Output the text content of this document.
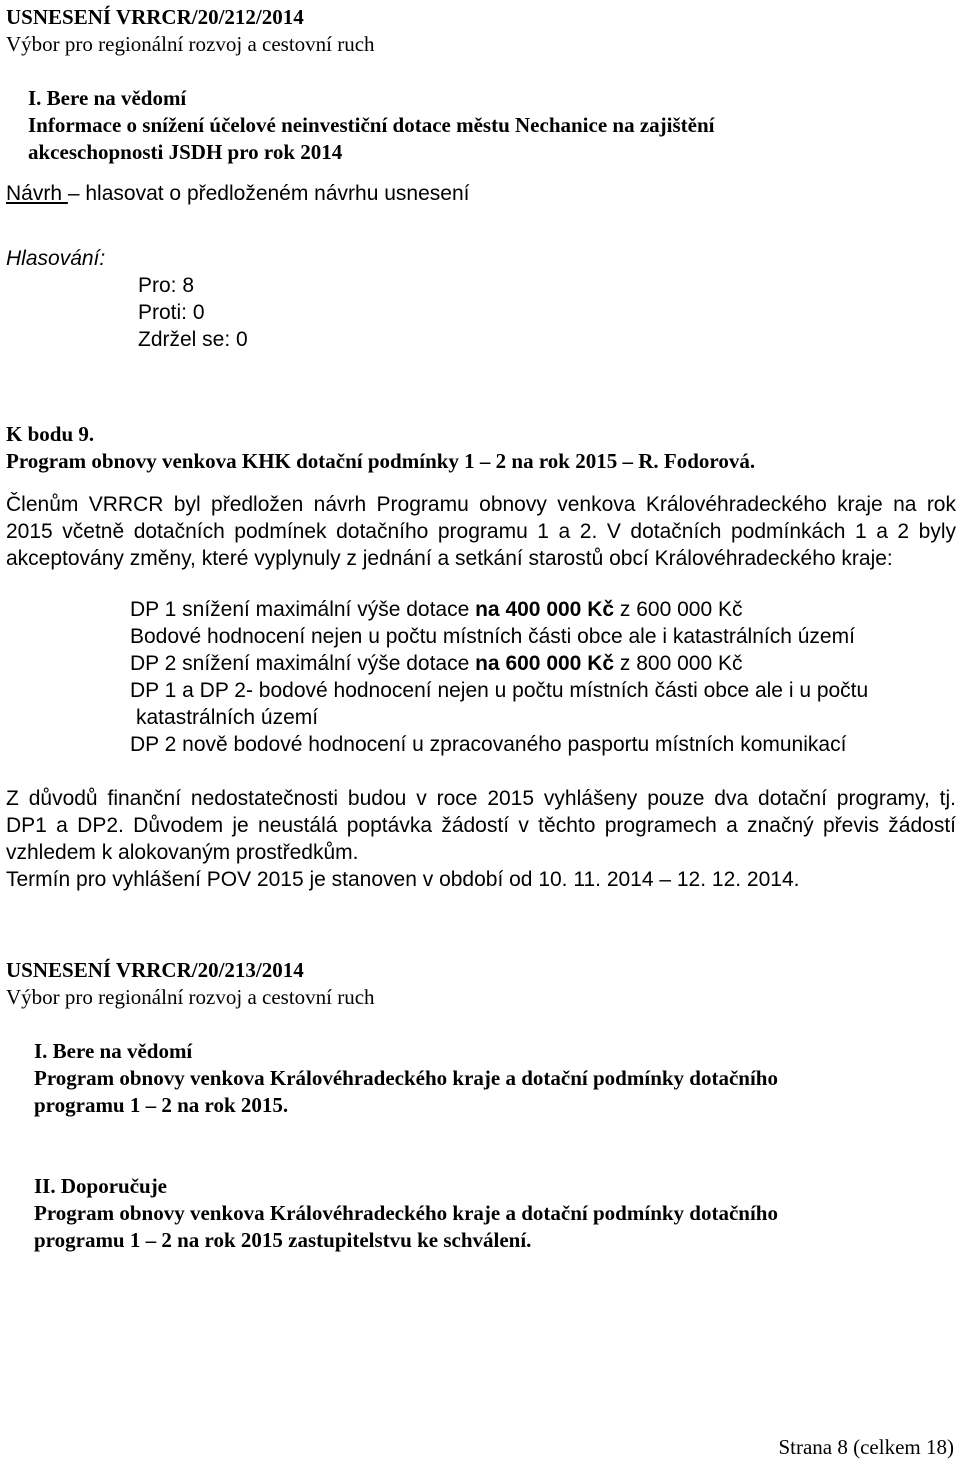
USNESENÍ VRRCR/20/212/2014
Výbor pro regionální rozvoj a cestovní ruch
I. Bere na vědomí
Informace o snížení účelové neinvestiční dotace městu Nechanice na zajištění
akceschopnosti JSDH pro rok 2014
Návrh – hlasovat o předloženém návrhu usnesení
Hlasování:
Pro: 8
Proti: 0
Zdržel se: 0
K bodu 9.
Program obnovy venkova KHK dotační podmínky 1 – 2 na rok 2015 – R. Fodorová.
Členům VRRCR byl předložen návrh Programu obnovy venkova Královéhradeckého kraje na rok
2015 včetně dotačních podmínek dotačního programu 1 a 2. V dotačních podmínkách 1 a 2 byly
akceptovány změny, které vyplynuly z jednání a setkání starostů obcí Královéhradeckého kraje:
DP 1 snížení maximální výše dotace na 400 000 Kč z 600 000 Kč
Bodové hodnocení nejen u počtu místních části obce ale i katastrálních území
DP 2 snížení maximální výše dotace na 600 000 Kč z 800 000 Kč
DP 1 a DP 2- bodové hodnocení nejen u počtu místních části obce ale i u počtu
katastrálních území
DP 2 nově bodové hodnocení u zpracovaného pasportu místních komunikací
Z důvodů finanční nedostatečnosti budou v roce 2015 vyhlášeny pouze dva dotační programy, tj.
DP1 a DP2. Důvodem je neustálá poptávka žádostí v těchto programech a značný převis žádostí
vzhledem k alokovaným prostředkům.
Termín pro vyhlášení POV 2015 je stanoven v období od 10. 11. 2014 – 12. 12. 2014.
USNESENÍ VRRCR/20/213/2014
Výbor pro regionální rozvoj a cestovní ruch
I. Bere na vědomí
Program obnovy venkova Královéhradeckého kraje a dotační podmínky dotačního
programu 1 – 2 na rok 2015.
II. Doporučuje
Program obnovy venkova Královéhradeckého kraje a dotační podmínky dotačního
programu 1 – 2 na rok 2015 zastupitelstvu ke schválení.
Strana 8 (celkem 18)
